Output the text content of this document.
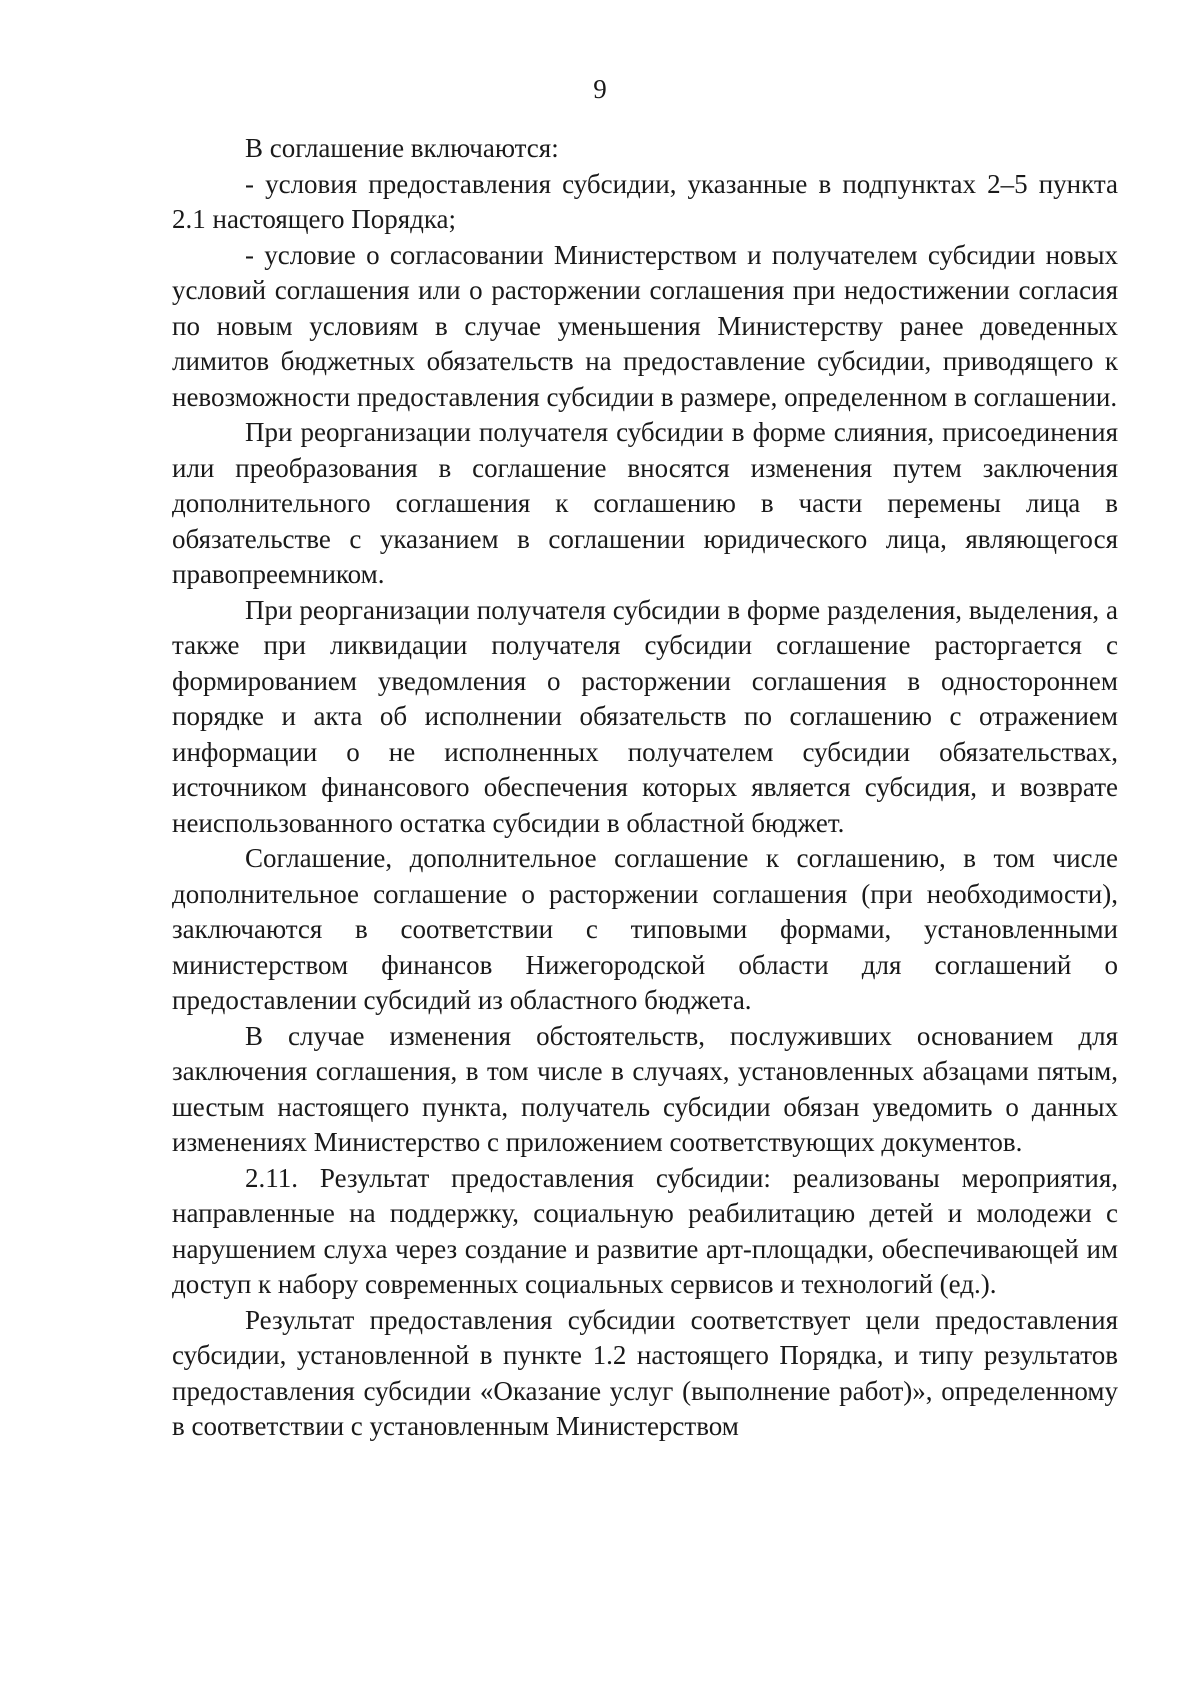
9

В соглашение включаются:

- условия предоставления субсидии, указанные в подпунктах 2–5 пункта 2.1 настоящего Порядка;

- условие о согласовании Министерством и получателем субсидии новых условий соглашения или о расторжении соглашения при недостижении согласия по новым условиям в случае уменьшения Министерству ранее доведенных лимитов бюджетных обязательств на предоставление субсидии, приводящего к невозможности предоставления субсидии в размере, определенном в соглашении.

При реорганизации получателя субсидии в форме слияния, присоединения или преобразования в соглашение вносятся изменения путем заключения дополнительного соглашения к соглашению в части перемены лица в обязательстве с указанием в соглашении юридического лица, являющегося правопреемником.

При реорганизации получателя субсидии в форме разделения, выделения, а также при ликвидации получателя субсидии соглашение расторгается с формированием уведомления о расторжении соглашения в одностороннем порядке и акта об исполнении обязательств по соглашению с отражением информации о не исполненных получателем субсидии обязательствах, источником финансового обеспечения которых является субсидия, и возврате неиспользованного остатка субсидии в областной бюджет.

Соглашение, дополнительное соглашение к соглашению, в том числе дополнительное соглашение о расторжении соглашения (при необходимости), заключаются в соответствии с типовыми формами, установленными министерством финансов Нижегородской области для соглашений о предоставлении субсидий из областного бюджета.

В случае изменения обстоятельств, послуживших основанием для заключения соглашения, в том числе в случаях, установленных абзацами пятым, шестым настоящего пункта, получатель субсидии обязан уведомить о данных изменениях Министерство с приложением соответствующих документов.

2.11. Результат предоставления субсидии: реализованы мероприятия, направленные на поддержку, социальную реабилитацию детей и молодежи с нарушением слуха через создание и развитие арт-площадки, обеспечивающей им доступ к набору современных социальных сервисов и технологий (ед.).

Результат предоставления субсидии соответствует цели предоставления субсидии, установленной в пункте 1.2 настоящего Порядка, и типу результатов предоставления субсидии «Оказание услуг (выполнение работ)», определенному в соответствии с установленным Министерством
